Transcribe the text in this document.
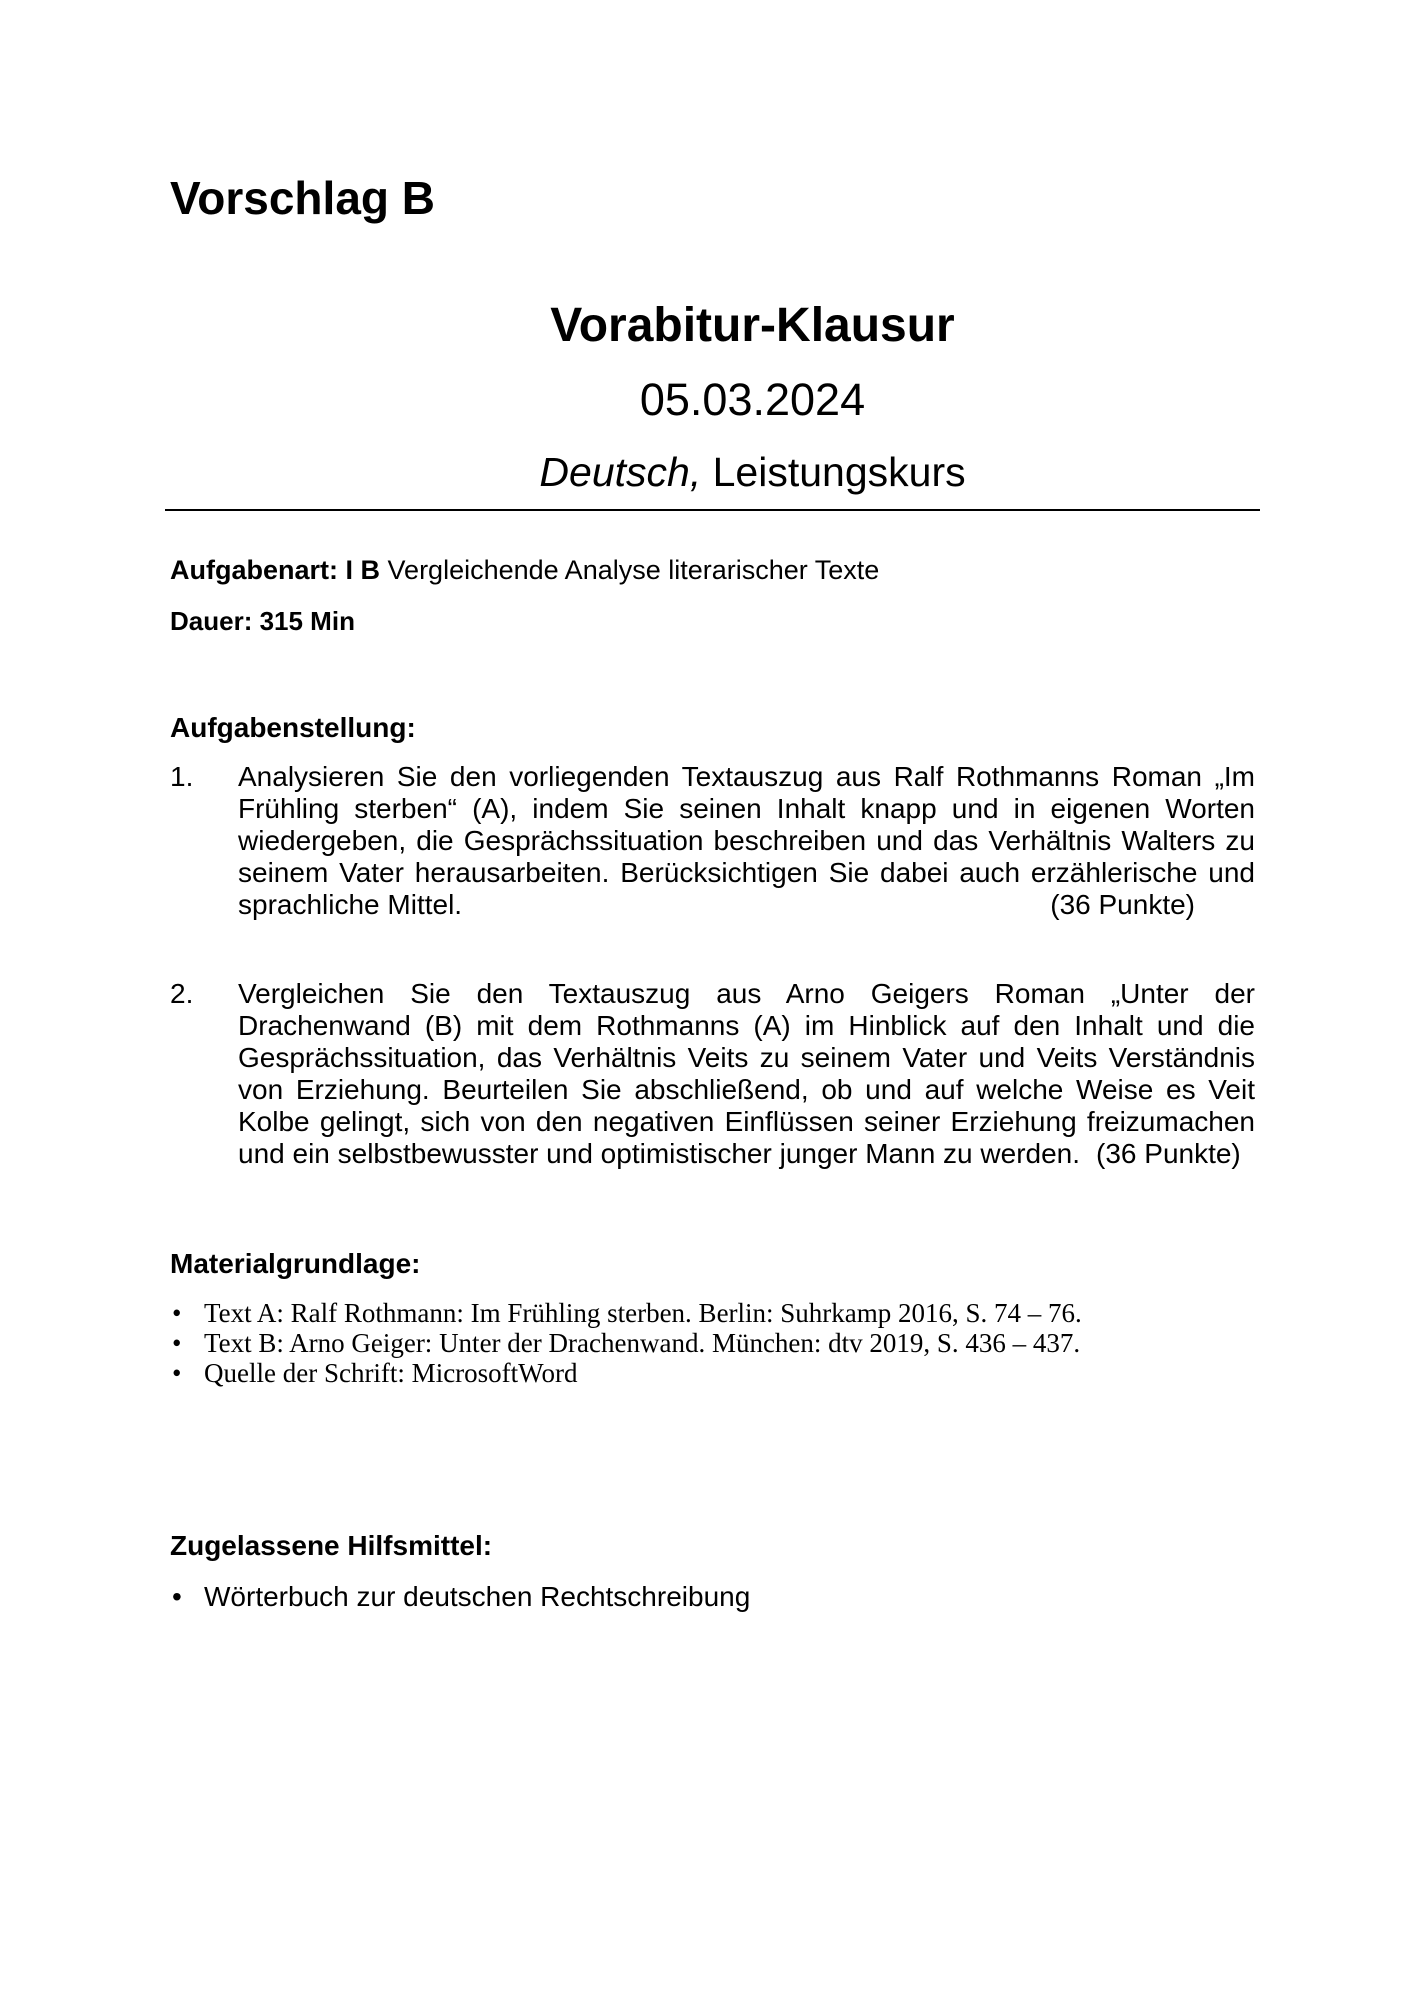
Vorschlag B
Vorabitur-Klausur
05.03.2024
Deutsch, Leistungskurs
Aufgabenart: I B Vergleichende Analyse literarischer Texte
Dauer: 315 Min
Aufgabenstellung:
1. Analysieren Sie den vorliegenden Textauszug aus Ralf Rothmanns Roman „Im Frühling sterben“ (A), indem Sie seinen Inhalt knapp und in eigenen Worten wiedergeben, die Gesprächssituation beschreiben und das Verhältnis Walters zu seinem Vater herausarbeiten. Berücksichtigen Sie dabei auch erzählerische und sprachliche Mittel.	(36 Punkte)
2. Vergleichen Sie den Textauszug aus Arno Geigers Roman „Unter der Drachenwand (B) mit dem Rothmanns (A) im Hinblick auf den Inhalt und die Gesprächssituation, das Verhältnis Veits zu seinem Vater und Veits Verständnis von Erziehung. Beurteilen Sie abschließend, ob und auf welche Weise es Veit Kolbe gelingt, sich von den negativen Einflüssen seiner Erziehung freizumachen und ein selbstbewusster und optimistischer junger Mann zu werden. (36 Punkte)
Materialgrundlage:
• Text A: Ralf Rothmann: Im Frühling sterben. Berlin: Suhrkamp 2016, S. 74 – 76.
• Text B: Arno Geiger: Unter der Drachenwand. München: dtv 2019, S. 436 – 437.
• Quelle der Schrift: MicrosoftWord
Zugelassene Hilfsmittel:
• Wörterbuch zur deutschen Rechtschreibung
